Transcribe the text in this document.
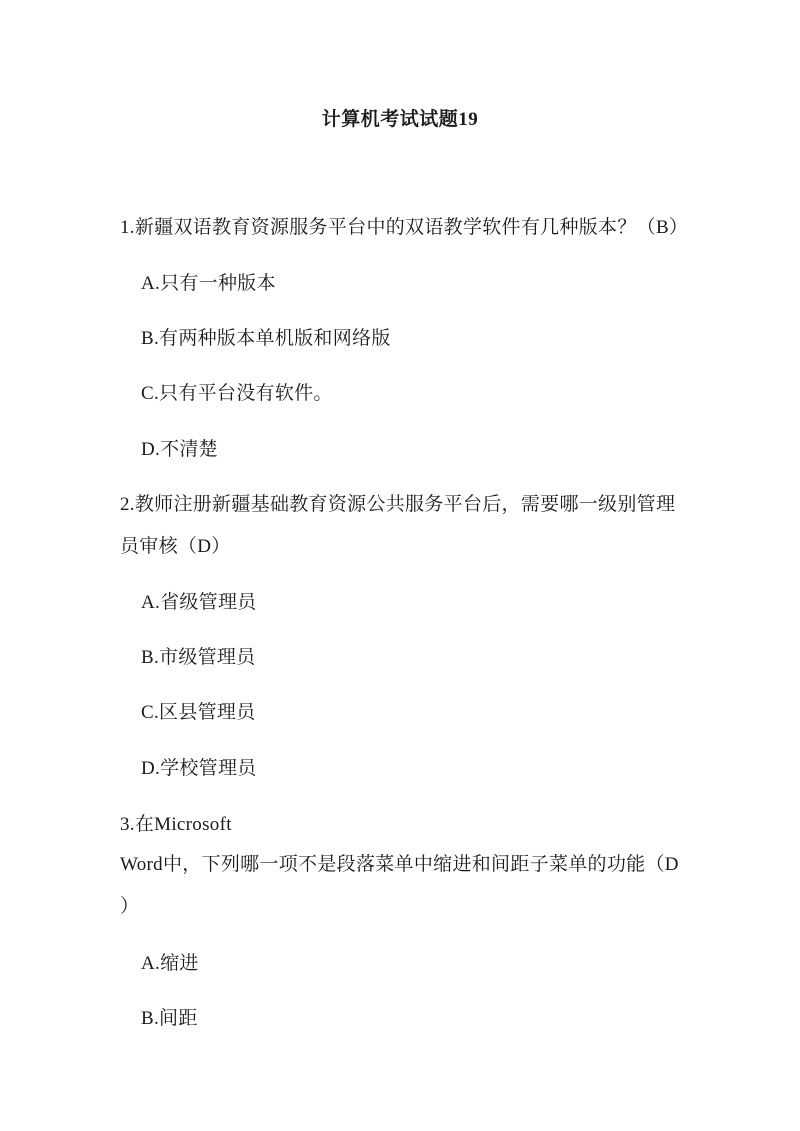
计算机考试试题19
1.新疆双语教育资源服务平台中的双语教学软件有几种版本？（B）
A.只有一种版本
B.有两种版本单机版和网络版
C.只有平台没有软件。
D.不清楚
2.教师注册新疆基础教育资源公共服务平台后，需要哪一级别管理
员审核（D）
A.省级管理员
B.市级管理员
C.区县管理员
D.学校管理员
3.在Microsoft
Word中，下列哪一项不是段落菜单中缩进和间距子菜单的功能（D
）
A.缩进
B.间距
